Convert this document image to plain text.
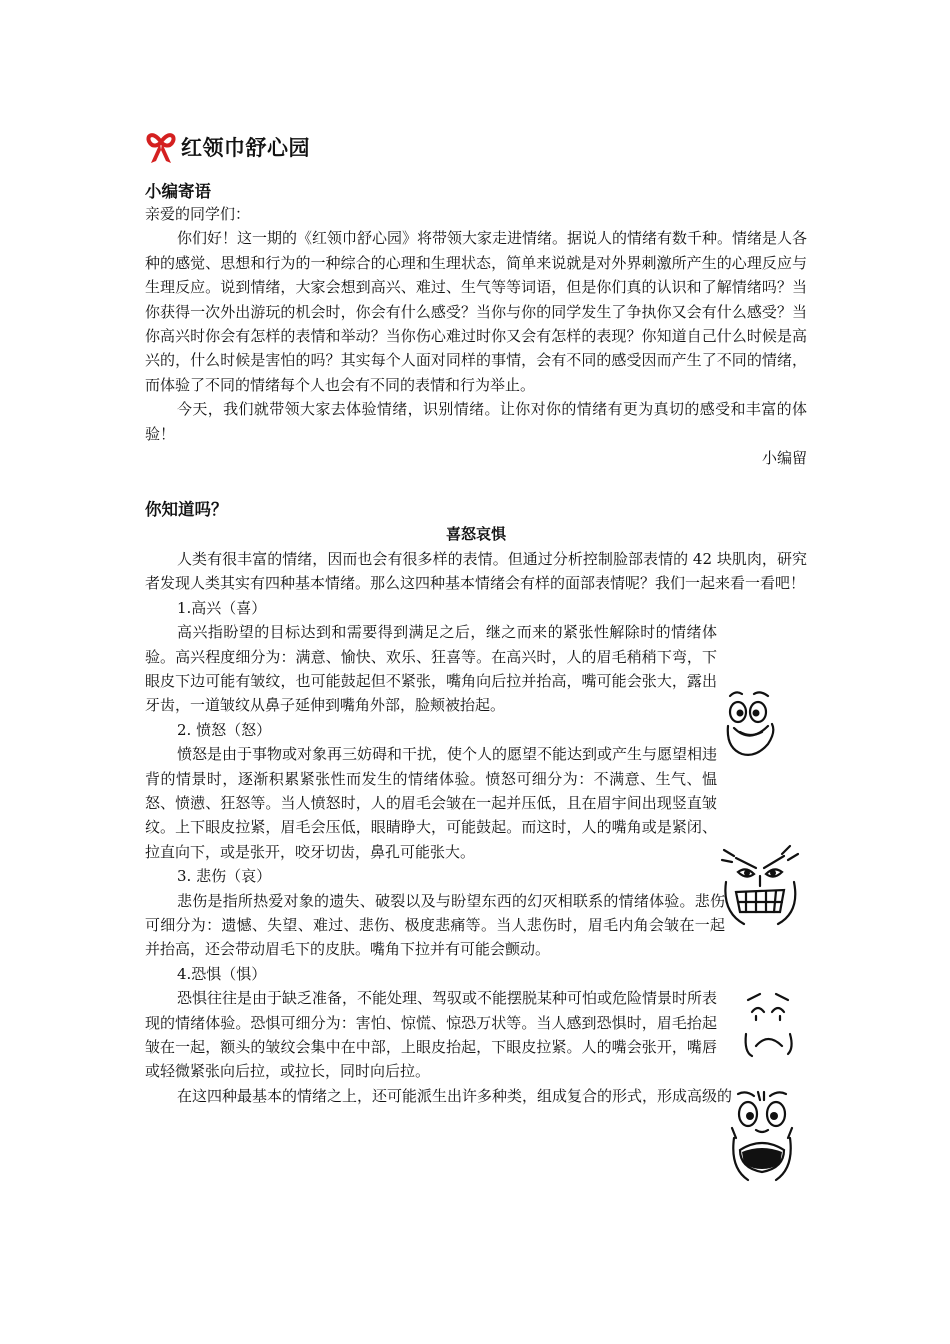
红领巾舒心园

小编寄语

亲爱的同学们：

你们好！这一期的《红领巾舒心园》将带领大家走进情绪。据说人的情绪有数千种。情绪是人各种的感觉、思想和行为的一种综合的心理和生理状态，简单来说就是对外界刺激所产生的心理反应与生理反应。说到情绪，大家会想到高兴、难过、生气等等词语，但是你们真的认识和了解情绪吗？当你获得一次外出游玩的机会时，你会有什么感受？当你与你的同学发生了争执你又会有什么感受？当你高兴时你会有怎样的表情和举动？当你伤心难过时你又会有怎样的表现？你知道自己什么时候是高兴的，什么时候是害怕的吗？其实每个人面对同样的事情，会有不同的感受因而产生了不同的情绪，而体验了不同的情绪每个人也会有不同的表情和行为举止。

今天，我们就带领大家去体验情绪，识别情绪。让你对你的情绪有更为真切的感受和丰富的体验！

小编留

你知道吗？

喜怒哀惧

人类有很丰富的情绪，因而也会有很多样的表情。但通过分析控制脸部表情的 42 块肌肉，研究者发现人类其实有四种基本情绪。那么这四种基本情绪会有样的面部表情呢？我们一起来看一看吧！

1.高兴（喜）

高兴指盼望的目标达到和需要得到满足之后，继之而来的紧张性解除时的情绪体验。高兴程度细分为：满意、愉快、欢乐、狂喜等。在高兴时，人的眉毛稍稍下弯，下眼皮下边可能有皱纹，也可能鼓起但不紧张，嘴角向后拉并抬高，嘴可能会张大，露出牙齿，一道皱纹从鼻子延伸到嘴角外部，脸颊被抬起。

2. 愤怒（怒）

愤怒是由于事物或对象再三妨碍和干扰，使个人的愿望不能达到或产生与愿望相违背的情景时，逐渐积累紧张性而发生的情绪体验。愤怒可细分为：不满意、生气、愠怒、愤懑、狂怒等。当人愤怒时，人的眉毛会皱在一起并压低，且在眉宇间出现竖直皱纹。上下眼皮拉紧，眉毛会压低，眼睛睁大，可能鼓起。而这时，人的嘴角或是紧闭、拉直向下，或是张开，咬牙切齿，鼻孔可能张大。

3. 悲伤（哀）

悲伤是指所热爱对象的遗失、破裂以及与盼望东西的幻灭相联系的情绪体验。悲伤可细分为：遗憾、失望、难过、悲伤、极度悲痛等。当人悲伤时，眉毛内角会皱在一起并抬高，还会带动眉毛下的皮肤。嘴角下拉并有可能会颤动。

4.恐惧（惧）

恐惧往往是由于缺乏准备，不能处理、驾驭或不能摆脱某种可怕或危险情景时所表现的情绪体验。恐惧可细分为：害怕、惊慌、惊恐万状等。当人感到恐惧时，眉毛抬起皱在一起，额头的皱纹会集中在中部，上眼皮抬起，下眼皮拉紧。人的嘴会张开，嘴唇或轻微紧张向后拉，或拉长，同时向后拉。

在这四种最基本的情绪之上，还可能派生出许多种类，组成复合的形式，形成高级的
